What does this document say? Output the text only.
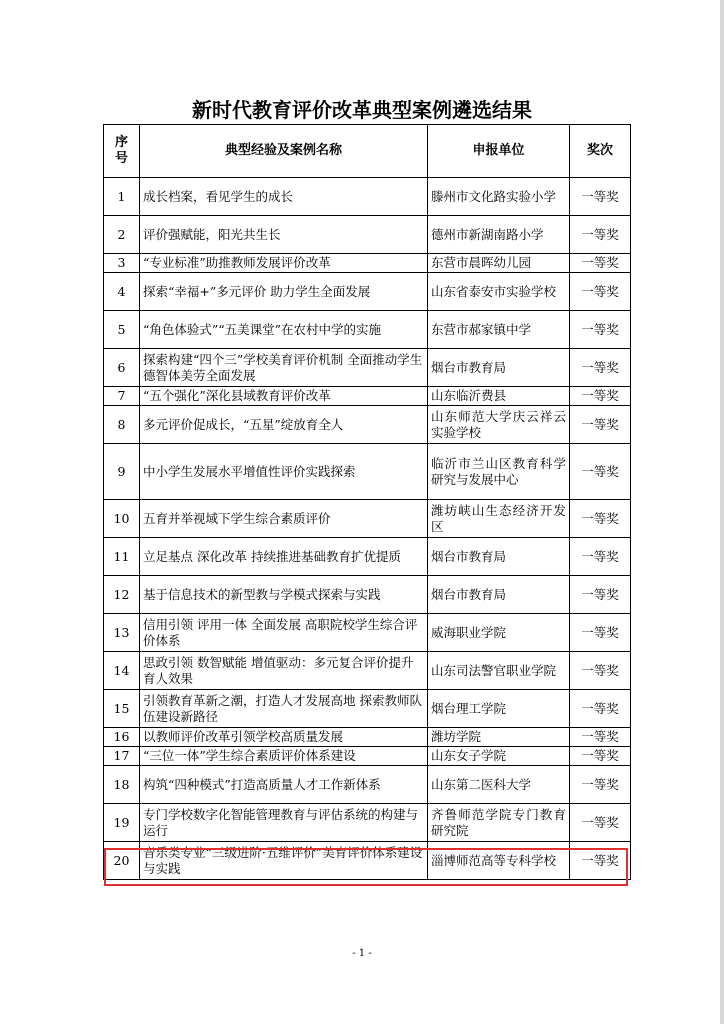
新时代教育评价改革典型案例遴选结果
序号	典型经验及案例名称	申报单位	奖次
1	成长档案，看见学生的成长	滕州市文化路实验小学	一等奖
2	评价强赋能，阳光共生长	德州市新湖南路小学	一等奖
3	“专业标准”助推教师发展评价改革	东营市晨晖幼儿园	一等奖
4	探索“幸福+”多元评价 助力学生全面发展	山东省泰安市实验学校	一等奖
5	“角色体验式”“五美课堂”在农村中学的实施	东营市郝家镇中学	一等奖
6	探索构建“四个三”学校美育评价机制 全面推动学生德智体美劳全面发展	烟台市教育局	一等奖
7	“五个强化”深化县域教育评价改革	山东临沂费县	一等奖
8	多元评价促成长，“五星”绽放育全人	山东师范大学庆云祥云实验学校	一等奖
9	中小学生发展水平增值性评价实践探索	临沂市兰山区教育科学研究与发展中心	一等奖
10	五育并举视域下学生综合素质评价	潍坊峡山生态经济开发区	一等奖
11	立足基点 深化改革 持续推进基础教育扩优提质	烟台市教育局	一等奖
12	基于信息技术的新型教与学模式探索与实践	烟台市教育局	一等奖
13	信用引领 评用一体 全面发展 高职院校学生综合评价体系	威海职业学院	一等奖
14	思政引领 数智赋能 增值驱动：多元复合评价提升育人效果	山东司法警官职业学院	一等奖
15	引领教育革新之潮，打造人才发展高地 探索教师队伍建设新路径	烟台理工学院	一等奖
16	以教师评价改革引领学校高质量发展	潍坊学院	一等奖
17	“三位一体”学生综合素质评价体系建设	山东女子学院	一等奖
18	构筑“四种模式”打造高质量人才工作新体系	山东第二医科大学	一等奖
19	专门学校数字化智能管理教育与评估系统的构建与运行	齐鲁师范学院专门教育研究院	一等奖
20	音乐类专业“三级进阶·五维评价”美育评价体系建设与实践	淄博师范高等专科学校	一等奖
- 1 -
